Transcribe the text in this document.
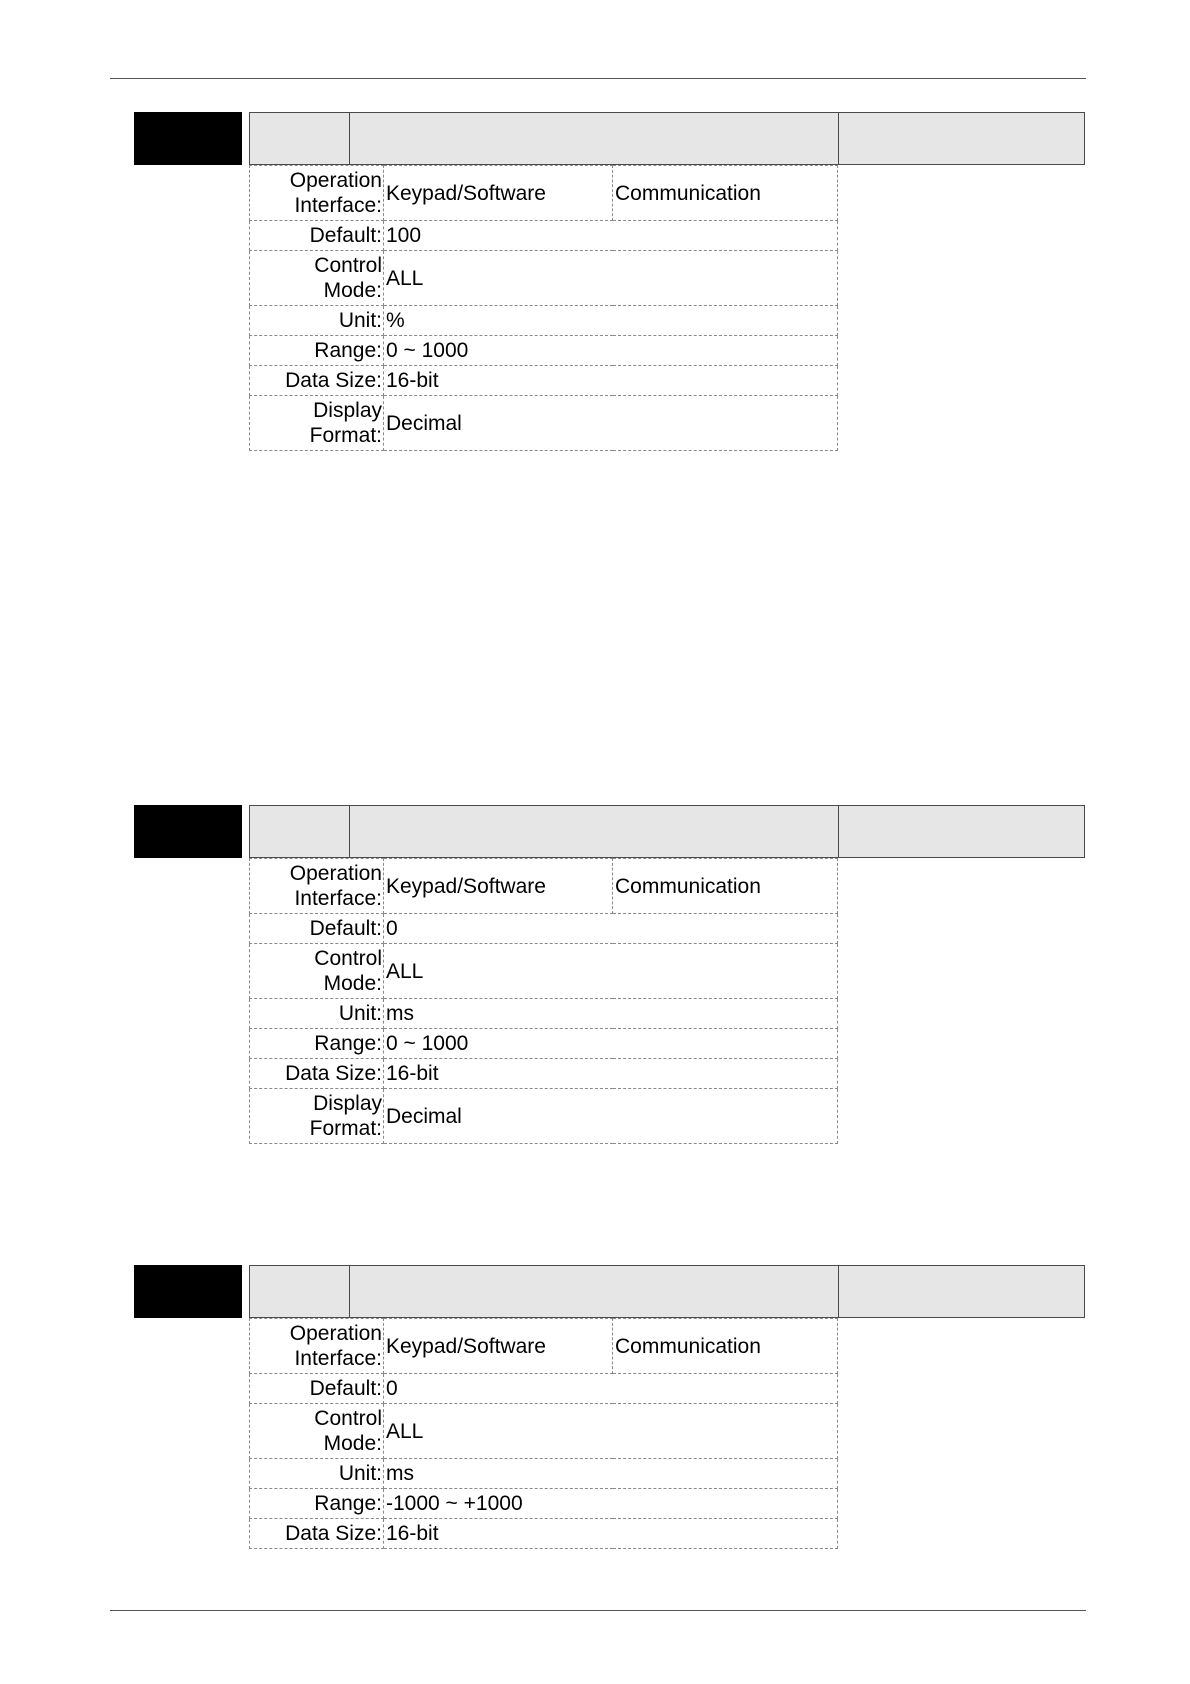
Operation
Interface:	Keypad/Software	Communication
Default:	100	
Control
Mode:	ALL	
Unit:	%	
Range:	0 ~ 1000	
Data Size:	16-bit	
Display
Format:	Decimal	
Operation
Interface:	Keypad/Software	Communication
Default:	0	
Control
Mode:	ALL	
Unit:	ms	
Range:	0 ~ 1000	
Data Size:	16-bit	
Display
Format:	Decimal	
Operation
Interface:	Keypad/Software	Communication
Default:	0	
Control
Mode:	ALL	
Unit:	ms	
Range:	-1000 ~ +1000	
Data Size:	16-bit	
